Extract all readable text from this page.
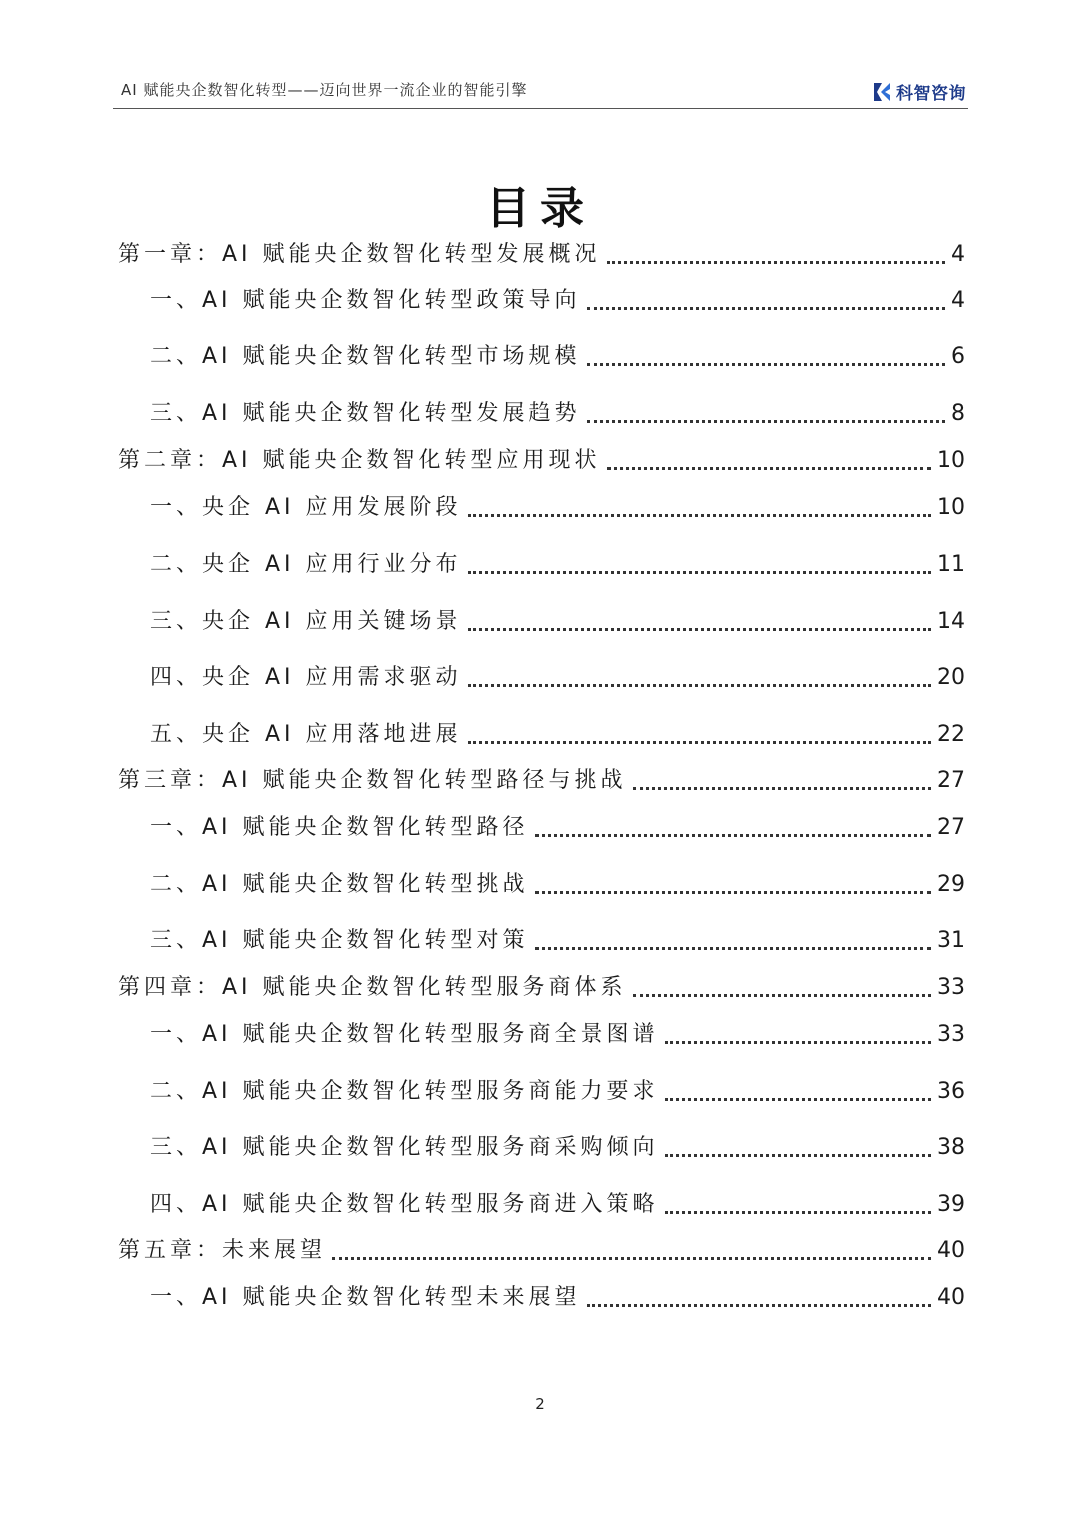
AI 赋能央企数智化转型——迈向世界一流企业的智能引擎	科智咨询
目录
第一章：AI 赋能央企数智化转型发展概况	4
一、AI 赋能央企数智化转型政策导向	4
二、AI 赋能央企数智化转型市场规模	6
三、AI 赋能央企数智化转型发展趋势	8
第二章：AI 赋能央企数智化转型应用现状	10
一、央企 AI 应用发展阶段	10
二、央企 AI 应用行业分布	11
三、央企 AI 应用关键场景	14
四、央企 AI 应用需求驱动	20
五、央企 AI 应用落地进展	22
第三章：AI 赋能央企数智化转型路径与挑战	27
一、AI 赋能央企数智化转型路径	27
二、AI 赋能央企数智化转型挑战	29
三、AI 赋能央企数智化转型对策	31
第四章：AI 赋能央企数智化转型服务商体系	33
一、AI 赋能央企数智化转型服务商全景图谱	33
二、AI 赋能央企数智化转型服务商能力要求	36
三、AI 赋能央企数智化转型服务商采购倾向	38
四、AI 赋能央企数智化转型服务商进入策略	39
第五章：未来展望	40
一、AI 赋能央企数智化转型未来展望	40
2
